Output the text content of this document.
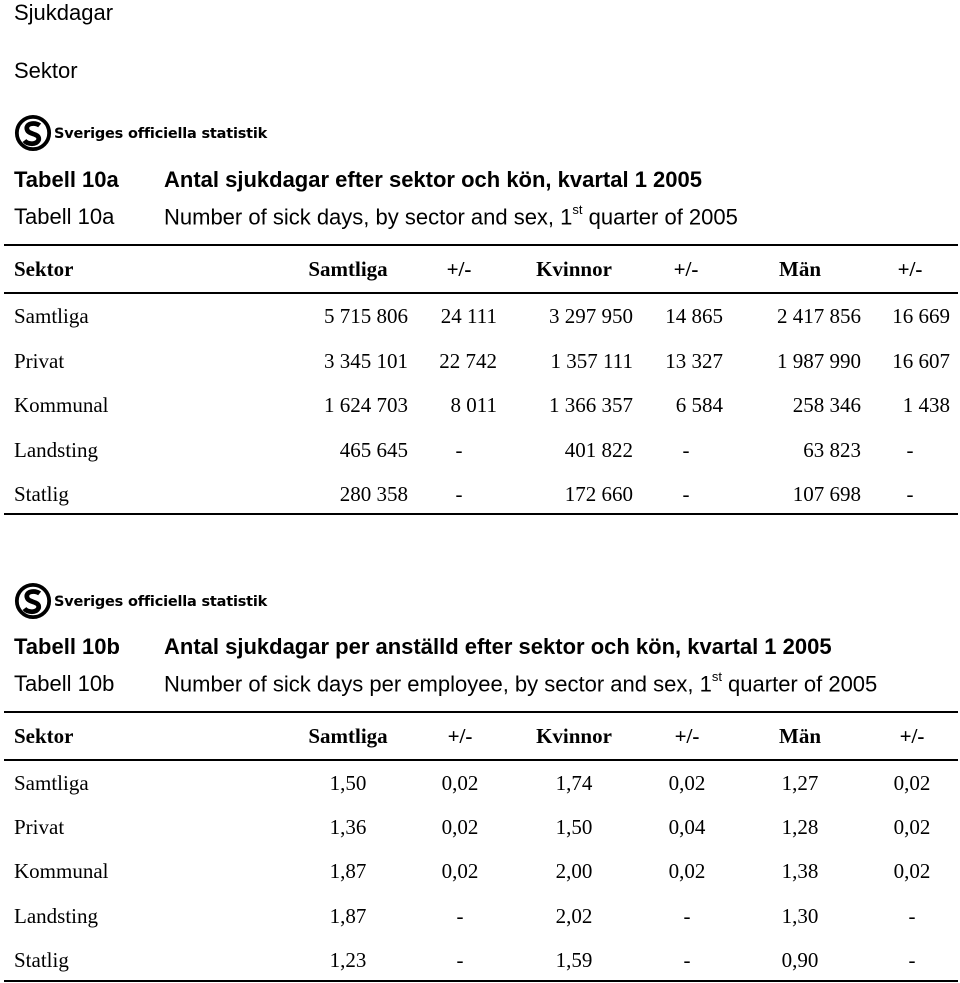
Sjukdagar
Sektor
Sveriges officiella statistik
Tabell 10a Antal sjukdagar efter sektor och kön, kvartal 1 2005
Tabell 10a Number of sick days, by sector and sex, 1st quarter of 2005
Sektor	Samtliga	+/-	Kvinnor	+/-	Män	+/-
Samtliga	5 715 806	24 111	3 297 950	14 865	2 417 856	16 669
Privat	3 345 101	22 742	1 357 111	13 327	1 987 990	16 607
Kommunal	1 624 703	8 011	1 366 357	6 584	258 346	1 438
Landsting	465 645	-	401 822	-	63 823	-
Statlig	280 358	-	172 660	-	107 698	-
Sveriges officiella statistik
Tabell 10b Antal sjukdagar per anställd efter sektor och kön, kvartal 1 2005
Tabell 10b Number of sick days per employee, by sector and sex, 1st quarter of 2005
Sektor	Samtliga	+/-	Kvinnor	+/-	Män	+/-
Samtliga	1,50	0,02	1,74	0,02	1,27	0,02
Privat	1,36	0,02	1,50	0,04	1,28	0,02
Kommunal	1,87	0,02	2,00	0,02	1,38	0,02
Landsting	1,87	-	2,02	-	1,30	-
Statlig	1,23	-	1,59	-	0,90	-
